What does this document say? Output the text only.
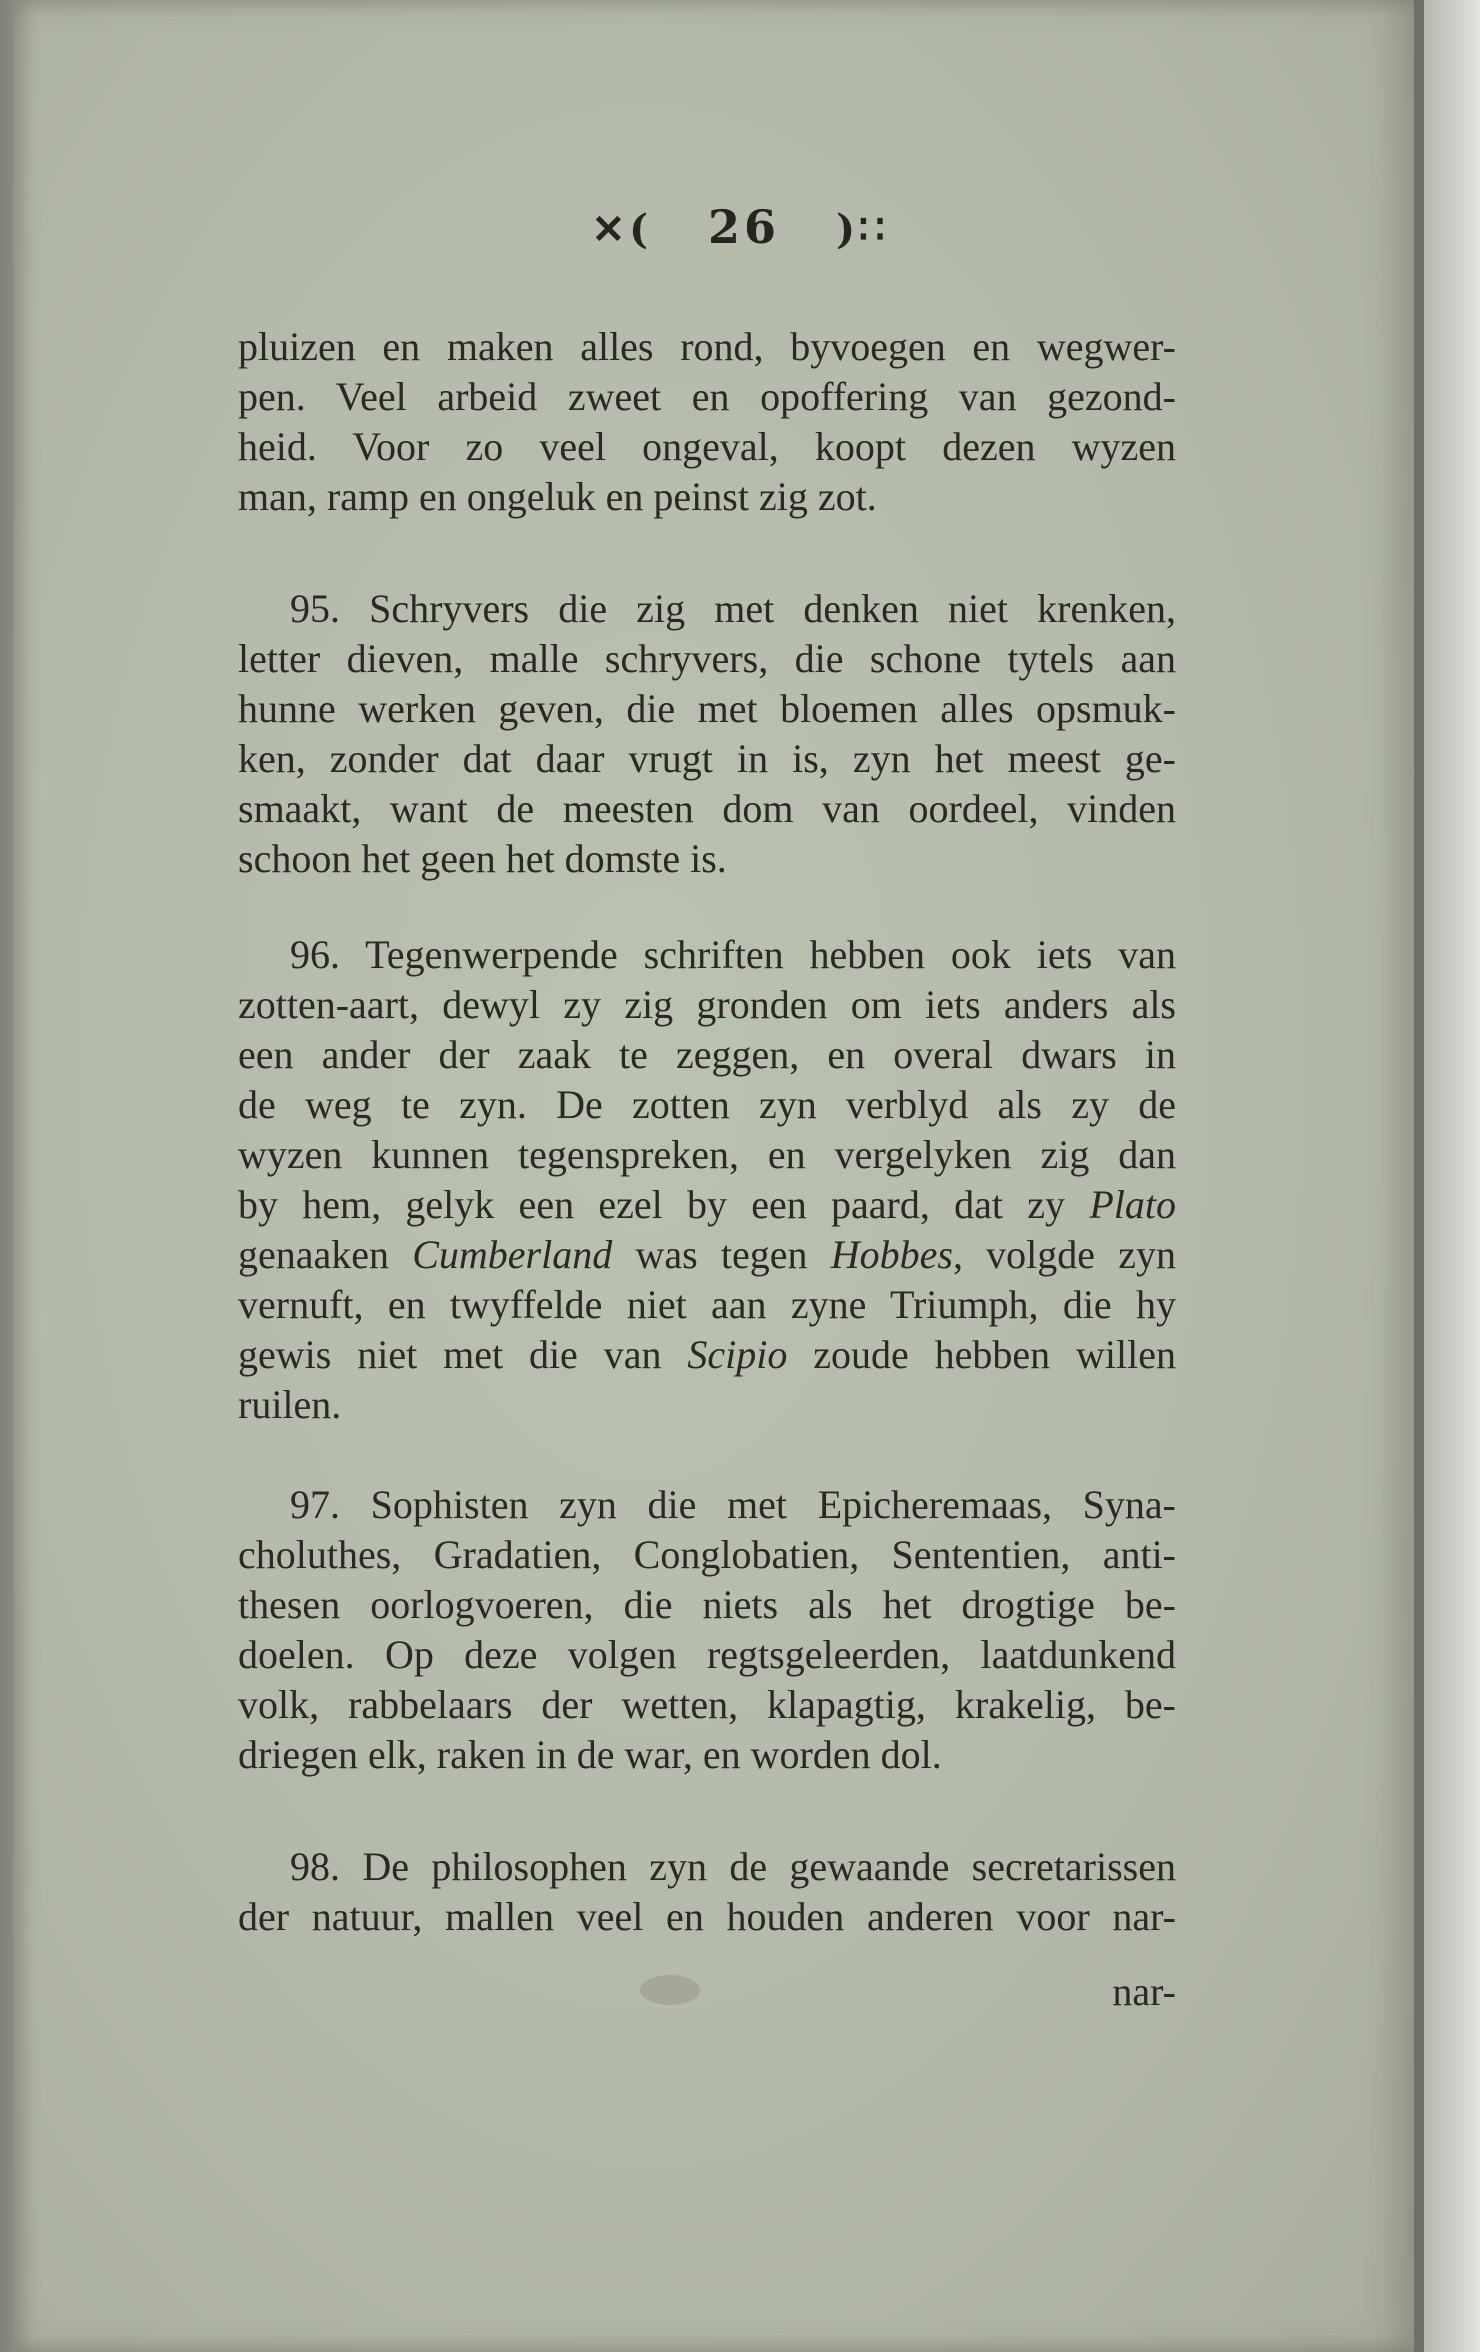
✕( 26 )∷
pluizen en maken alles rond, byvoegen en wegwer-
pen. Veel arbeid zweet en opoffering van gezond-
heid. Voor zo veel ongeval, koopt dezen wyzen
man, ramp en ongeluk en peinst zig zot.
95. Schryvers die zig met denken niet krenken,
letter dieven, malle schryvers, die schone tytels aan
hunne werken geven, die met bloemen alles opsmuk-
ken, zonder dat daar vrugt in is, zyn het meest ge-
smaakt, want de meesten dom van oordeel, vinden
schoon het geen het domste is.
96. Tegenwerpende schriften hebben ook iets van
zotten-aart, dewyl zy zig gronden om iets anders als
een ander der zaak te zeggen, en overal dwars in
de weg te zyn. De zotten zyn verblyd als zy de
wyzen kunnen tegenspreken, en vergelyken zig dan
by hem, gelyk een ezel by een paard, dat zy Plato
genaaken Cumberland was tegen Hobbes, volgde zyn
vernuft, en twyffelde niet aan zyne Triumph, die hy
gewis niet met die van Scipio zoude hebben willen
ruilen.
97. Sophisten zyn die met Epicheremaas, Syna-
choluthes, Gradatien, Conglobatien, Sententien, anti-
thesen oorlogvoeren, die niets als het drogtige be-
doelen. Op deze volgen regtsgeleerden, laatdunkend
volk, rabbelaars der wetten, klapagtig, krakelig, be-
driegen elk, raken in de war, en worden dol.
98. De philosophen zyn de gewaande secretarissen
der natuur, mallen veel en houden anderen voor nar-
nar-
